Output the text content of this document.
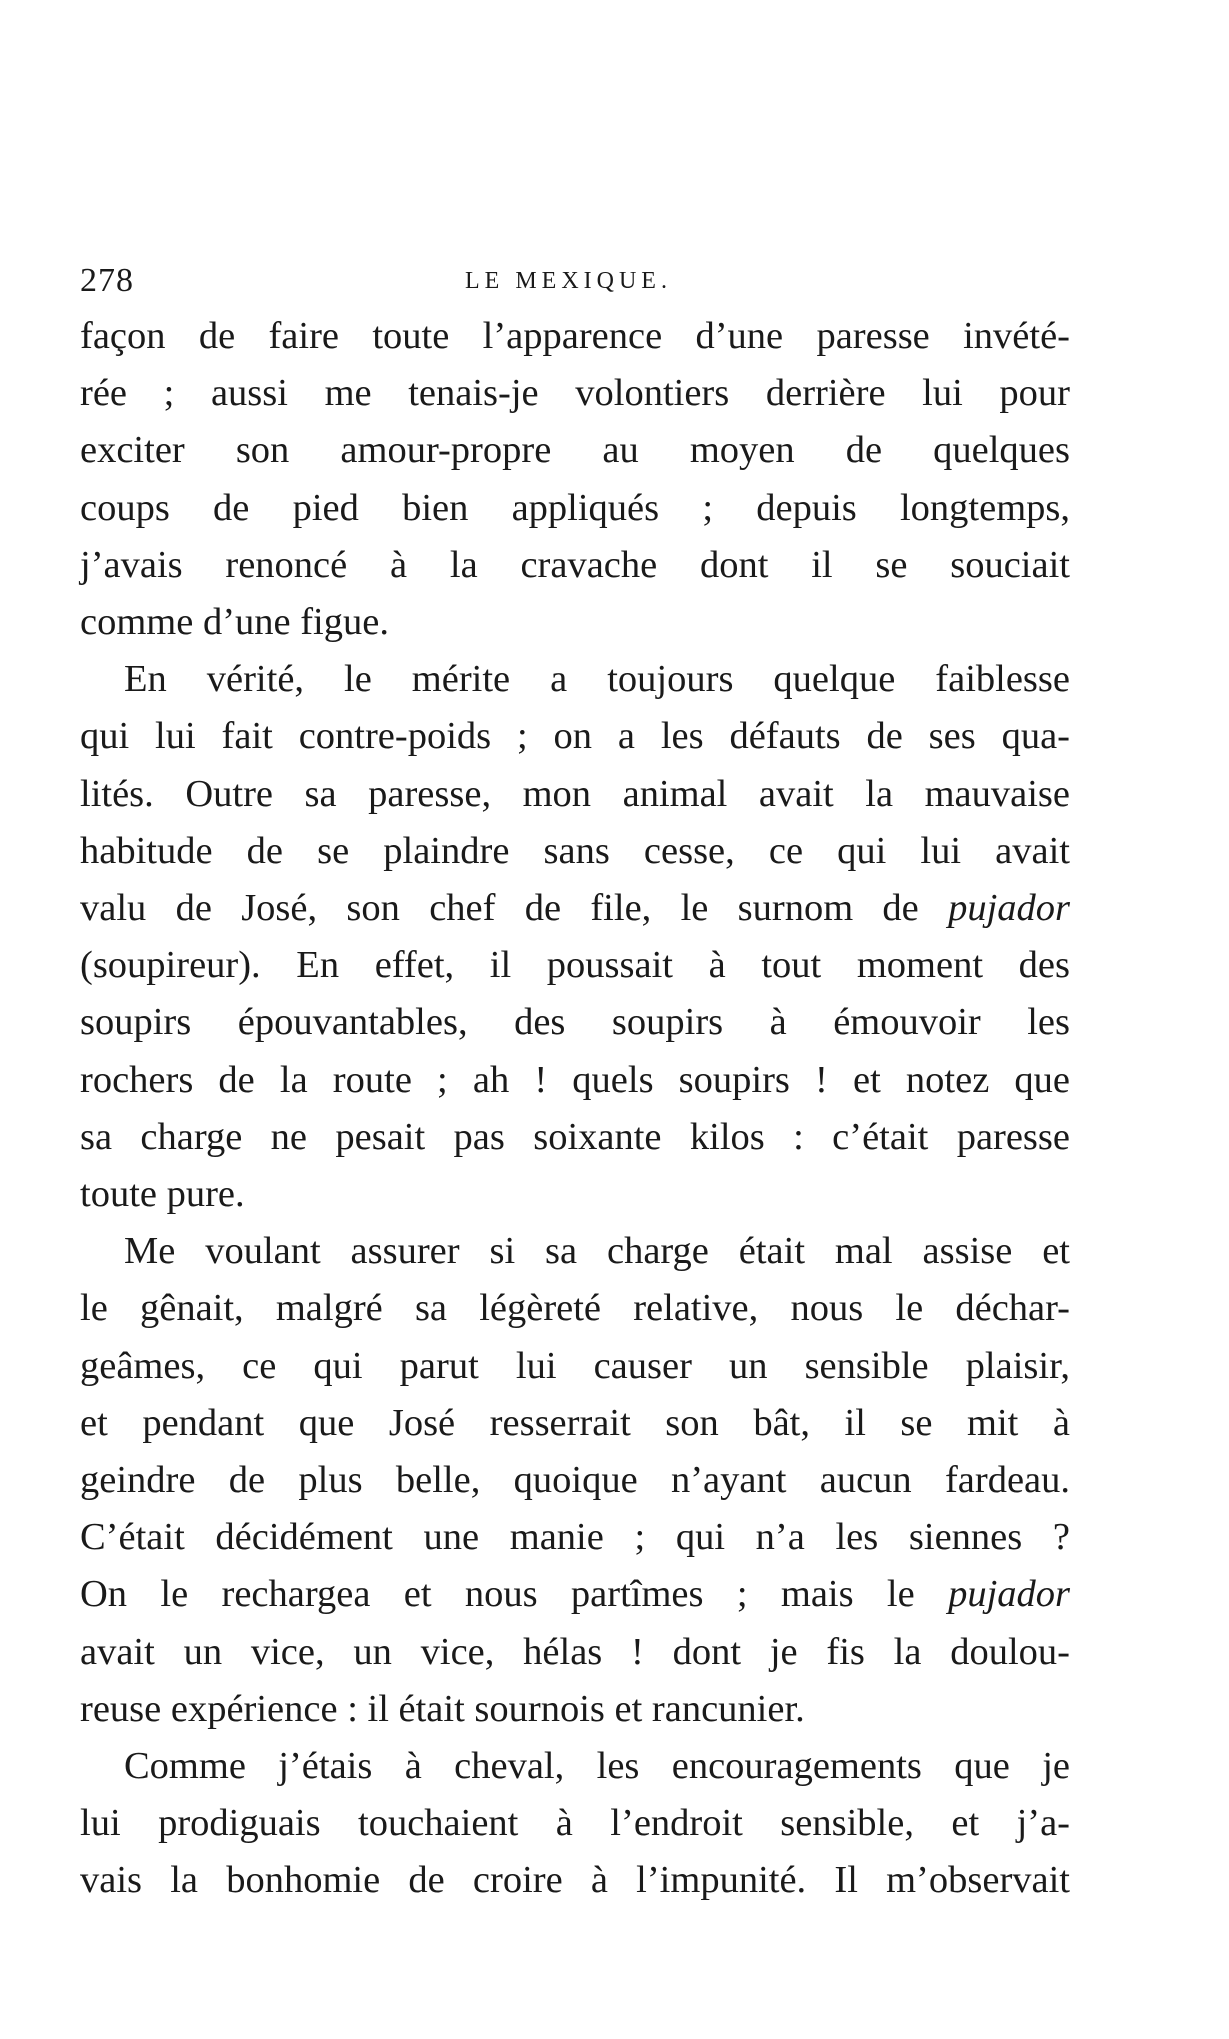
278	LE MEXIQUE.
façon de faire toute l’apparence d’une paresse invété-
rée ; aussi me tenais-je volontiers derrière lui pour
exciter son amour-propre au moyen de quelques
coups de pied bien appliqués ; depuis longtemps,
j’avais renoncé à la cravache dont il se souciait
comme d’une figue.
En vérité, le mérite a toujours quelque faiblesse
qui lui fait contre-poids ; on a les défauts de ses qua-
lités. Outre sa paresse, mon animal avait la mauvaise
habitude de se plaindre sans cesse, ce qui lui avait
valu de José, son chef de file, le surnom de pujador
(soupireur). En effet, il poussait à tout moment des
soupirs épouvantables, des soupirs à émouvoir les
rochers de la route ; ah ! quels soupirs ! et notez que
sa charge ne pesait pas soixante kilos : c’était paresse
toute pure.
Me voulant assurer si sa charge était mal assise et
le gênait, malgré sa légèreté relative, nous le déchar-
geâmes, ce qui parut lui causer un sensible plaisir,
et pendant que José resserrait son bât, il se mit à
geindre de plus belle, quoique n’ayant aucun fardeau.
C’était décidément une manie ; qui n’a les siennes ?
On le rechargea et nous partîmes ; mais le pujador
avait un vice, un vice, hélas ! dont je fis la doulou-
reuse expérience : il était sournois et rancunier.
Comme j’étais à cheval, les encouragements que je
lui prodiguais touchaient à l’endroit sensible, et j’a-
vais la bonhomie de croire à l’impunité. Il m’observait
